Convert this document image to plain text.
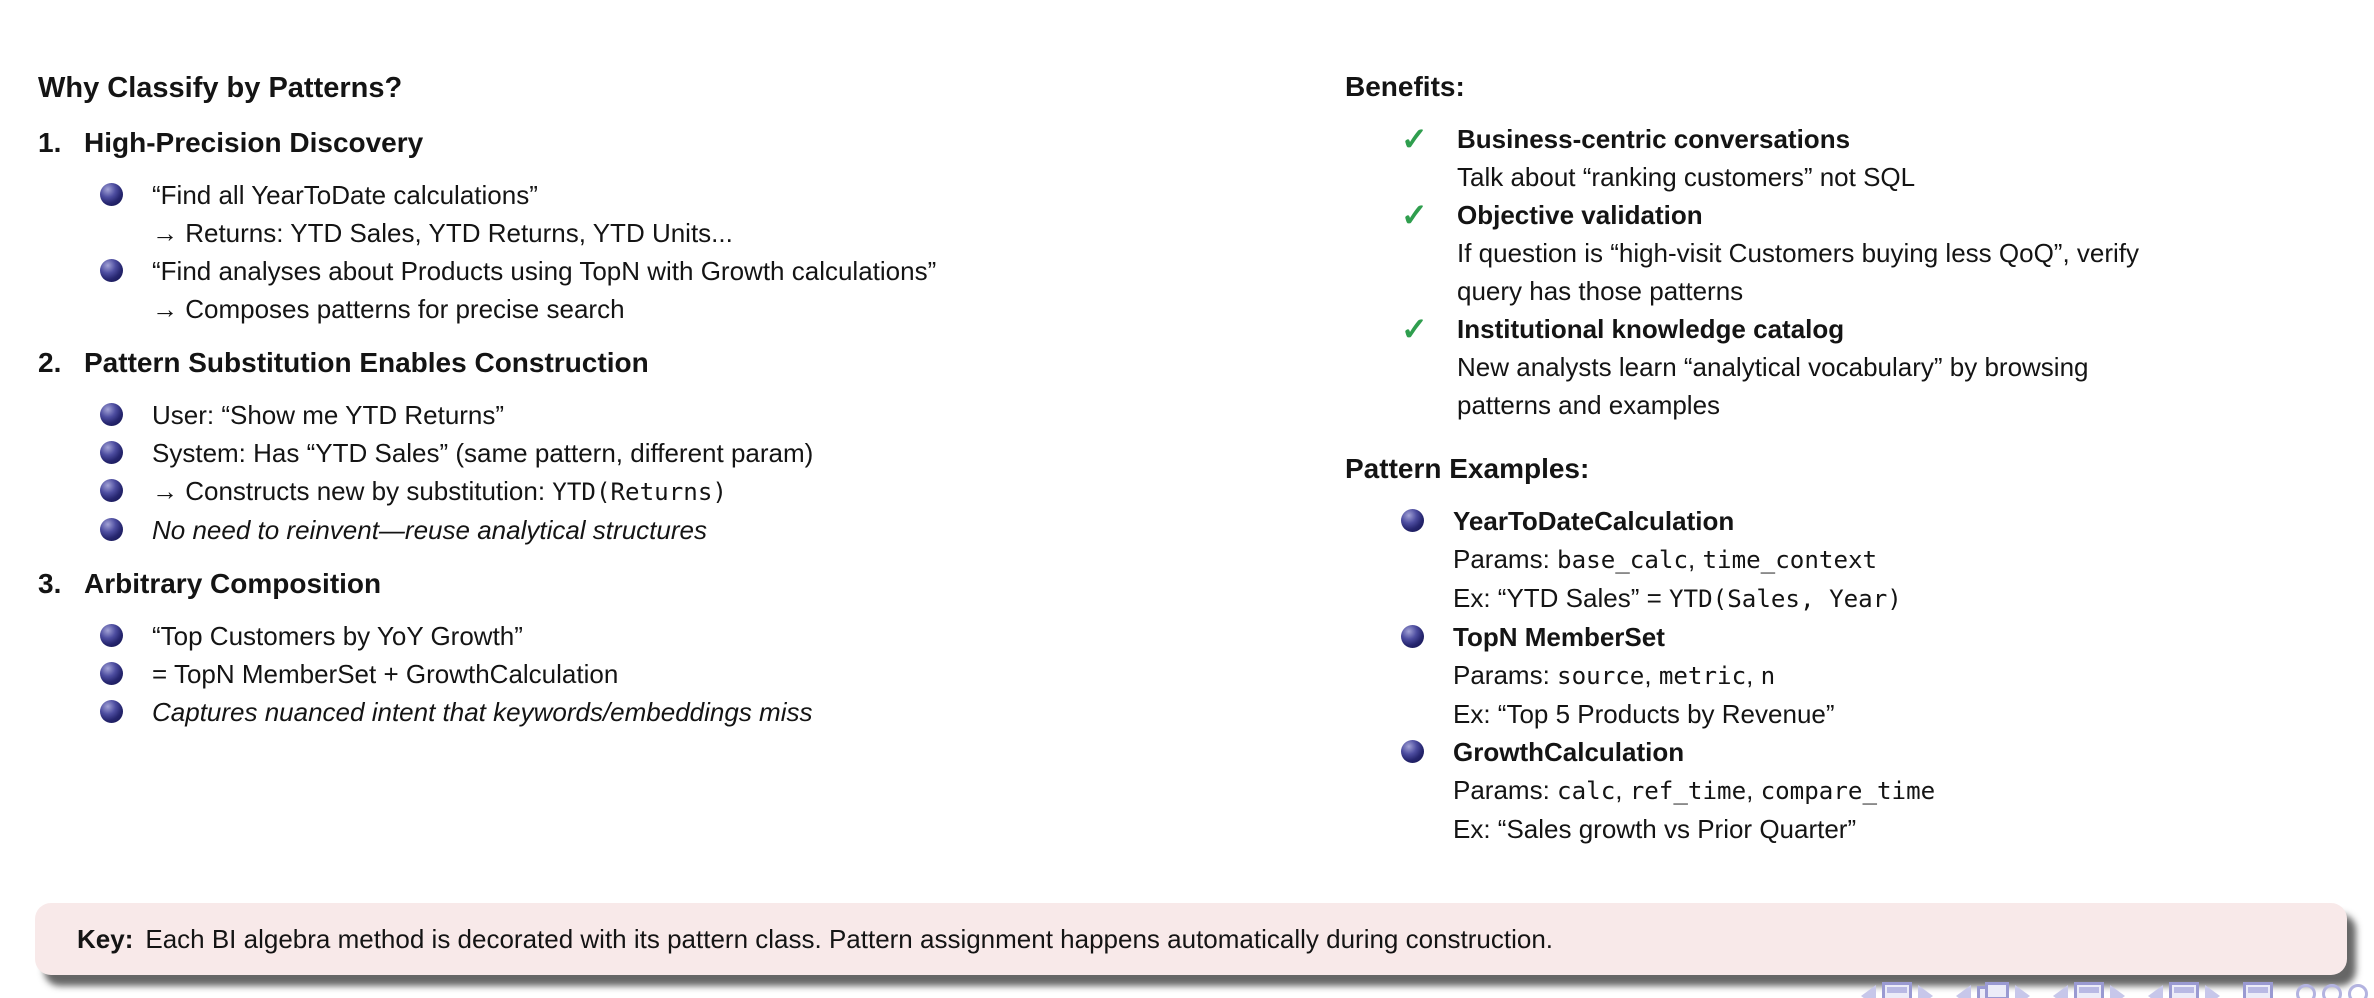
Why Classify by Patterns?
1. High-Precision Discovery
“Find all YearToDate calculations”
→ Returns: YTD Sales, YTD Returns, YTD Units...
“Find analyses about Products using TopN with Growth calculations”
→ Composes patterns for precise search
2. Pattern Substitution Enables Construction
User: “Show me YTD Returns”
System: Has “YTD Sales” (same pattern, different param)
→ Constructs new by substitution: YTD(Returns)
No need to reinvent—reuse analytical structures
3. Arbitrary Composition
“Top Customers by YoY Growth”
= TopN MemberSet + GrowthCalculation
Captures nuanced intent that keywords/embeddings miss
Benefits:
✓	Business-centric conversations
Talk about “ranking customers” not SQL
✓	Objective validation
If question is “high-visit Customers buying less QoQ”, verify
query has those patterns
✓	Institutional knowledge catalog
New analysts learn “analytical vocabulary” by browsing
patterns and examples
Pattern Examples:
YearToDateCalculation
Params: base_calc, time_context
Ex: “YTD Sales” = YTD(Sales, Year)
TopN MemberSet
Params: source, metric, n
Ex: “Top 5 Products by Revenue”
GrowthCalculation
Params: calc, ref_time, compare_time
Ex: “Sales growth vs Prior Quarter”
Key: Each BI algebra method is decorated with its pattern class. Pattern assignment happens automatically during construction.
